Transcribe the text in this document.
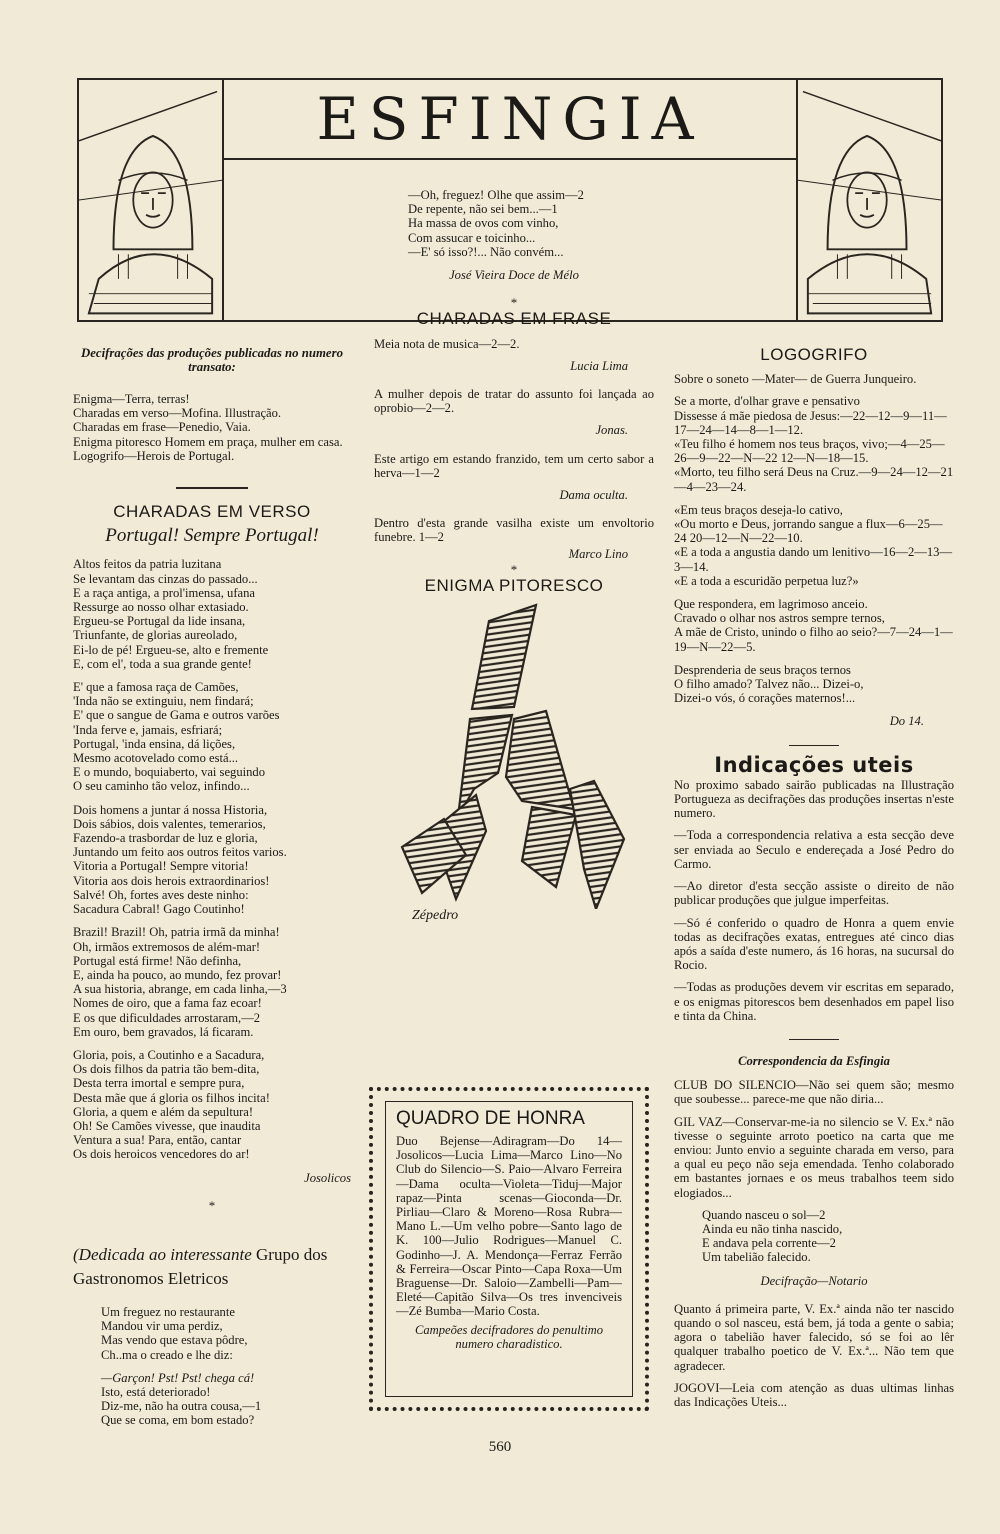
ESFINGIA
Decifrações das produções publicadas no numero transato:
Enigma—Terra, terras!
Charadas em verso—Mofina. Illustração.
Charadas em frase—Penedio, Vaia.
Enigma pitoresco Homem em praça, mulher em casa.
Logogrifo—Herois de Portugal.
CHARADAS EM VERSO
Portugal! Sempre Portugal!
Altos feitos da patria luzitana
Se levantam das cinzas do passado...
E a raça antiga, a prol'imensa, ufana
Ressurge ao nosso olhar extasiado.
Ergueu-se Portugal da lide insana,
Triunfante, de glorias aureolado,
Ei-lo de pé! Ergueu-se, alto e fremente
E, com el', toda a sua grande gente!
E' que a famosa raça de Camões,
'Inda não se extinguiu, nem findará;
E' que o sangue de Gama e outros varões
'Inda ferve e, jamais, esfriará;
Portugal, 'inda ensina, dá lições,
Mesmo acotovelado como está...
E o mundo, boquiaberto, vai seguindo
O seu caminho tão veloz, infindo...
Dois homens a juntar á nossa Historia,
Dois sábios, dois valentes, temerarios,
Fazendo-a trasbordar de luz e gloria,
Juntando um feito aos outros feitos varios.
Vitoria a Portugal! Sempre vitoria!
Vitoria aos dois herois extraordinarios!
Salvé! Oh, fortes aves deste ninho:
Sacadura Cabral! Gago Coutinho!
Brazil! Brazil! Oh, patria irmã da minha!
Oh, irmãos extremosos de além-mar!
Portugal está firme! Não definha,
E, ainda ha pouco, ao mundo, fez provar!
A sua historia, abrange, em cada linha,—3
Nomes de oiro, que a fama faz ecoar!
E os que dificuldades arrostaram,—2
Em ouro, bem gravados, lá ficaram.
Gloria, pois, a Coutinho e a Sacadura,
Os dois filhos da patria tão bem-dita,
Desta terra imortal e sempre pura,
Desta mãe que á gloria os filhos incita!
Gloria, a quem e além da sepultura!
Oh! Se Camões vivesse, que inaudita
Ventura a sua! Para, então, cantar
Os dois heroicos vencedores do ar!
Josolicos
*
(Dedicada ao interessante Grupo dos Gastronomos Eletricos
Um freguez no restaurante
Mandou vir uma perdiz,
Mas vendo que estava pôdre,
Ch..ma o creado e lhe diz:
—Garçon! Pst! Pst! chega cá!
Isto, está deteriorado!
Diz-me, não ha outra cousa,—1
Que se coma, em bom estado?
—Oh, freguez! Olhe que assim—2
De repente, não sei bem...—1
Ha massa de ovos com vinho,
Com assucar e toicinho...
—E' só isso?!... Não convém...
José Vieira Doce de Mélo
*
CHARADAS EM FRASE

Meia nota de musica—2—2.

Lucia Lima

A mulher depois de tratar do assunto foi lançada ao oprobio—2—2.

Jonas.

Este artigo em estando franzido, tem um certo sabor a herva—1—2

Dama oculta.

Dentro d'esta grande vasilha existe um envoltorio funebre. 1—2

Marco Lino
*
ENIGMA PITORESCO
Zépedro
QUADRO DE HONRA
Duo Bejense—Adiragram—Do 14—Josolicos—Lucia Lima—Marco Lino—No Club do Silencio—S. Paio—Alvaro Ferreira—Dama oculta—Violeta—Tiduj—Major rapaz—Pinta scenas—Gioconda—Dr. Pirliau—Claro & Moreno—Rosa Rubra—Mano L.—Um velho pobre—Santo lago de K. 100—Julio Rodrigues—Manuel C. Godinho—J. A. Mendonça—Ferraz Ferrão & Ferreira—Oscar Pinto—Capa Roxa—Um Braguense—Dr. Saloio—Zambelli—Pam—Eleté—Capitão Silva—Os tres invenciveis—Zé Bumba—Mario Costa.
Campeões decifradores do penultimo numero charadistico.
LOGOGRIFO

Sobre o soneto —Mater— de Guerra Junqueiro.

Se a morte, d'olhar grave e pensativo
Dissesse á mãe piedosa de Jesus:—22—12—9—11—17—24—14—8—1—12.
«Teu filho é homem nos teus braços, vivo;—4—25—26—9—22—N—22 12—N—18—15.
«Morto, teu filho será Deus na Cruz.—9—24—12—21—4—23—24.
«Em teus braços deseja-lo cativo,
«Ou morto e Deus, jorrando sangue a flux—6—25—24 20—12—N—22—10.
«E a toda a angustia dando um lenitivo—16—2—13—3—14.
«E a toda a escuridão perpetua luz?»
Que respondera, em lagrimoso anceio.
Cravado o olhar nos astros sempre ternos,
A mãe de Cristo, unindo o filho ao seio?—7—24—1—19—N—22—5.
Desprenderia de seus braços ternos
O filho amado? Talvez não... Dizei-o,
Dizei-o vós, ó corações maternos!...
Do 14.
Indicações uteis

No proximo sabado sairão publicadas na Illustração Portugueza as decifrações das produções insertas n'este numero.

—Toda a correspondencia relativa a esta secção deve ser enviada ao Seculo e endereçada a José Pedro do Carmo.

—Ao diretor d'esta secção assiste o direito de não publicar produções que julgue imperfeitas.

—Só é conferido o quadro de Honra a quem envie todas as decifrações exatas, entregues até cinco dias após a saída d'este numero, ás 16 horas, na sucursal do Rocio.

—Todas as produções devem vir escritas em separado, e os enigmas pitorescos bem desenhados em papel liso e tinta da China.

Correspondencia da Esfingia

CLUB DO SILENCIO—Não sei quem são; mesmo que soubesse... parece-me que não diria...

GIL VAZ—Conservar-me-ia no silencio se V. Ex.ª não tivesse o seguinte arroto poetico na carta que me enviou: Junto envio a seguinte charada em verso, para a qual eu peço não seja emendada. Tenho colaborado em bastantes jornaes e os meus trabalhos teem sido elogiados...

Quando nasceu o sol—2
Ainda eu não tinha nascido,
E andava pela corrente—2
Um tabelião falecido.
Decifração—Notario

Quanto á primeira parte, V. Ex.ª ainda não ter nascido quando o sol nasceu, está bem, já toda a gente o sabia; agora o tabelião haver falecido, só se foi ao lêr qualquer trabalho poetico de V. Ex.ª... Não tem que agradecer.

JOGOVI—Leia com atenção as duas ultimas linhas das Indicações Uteis...

560
